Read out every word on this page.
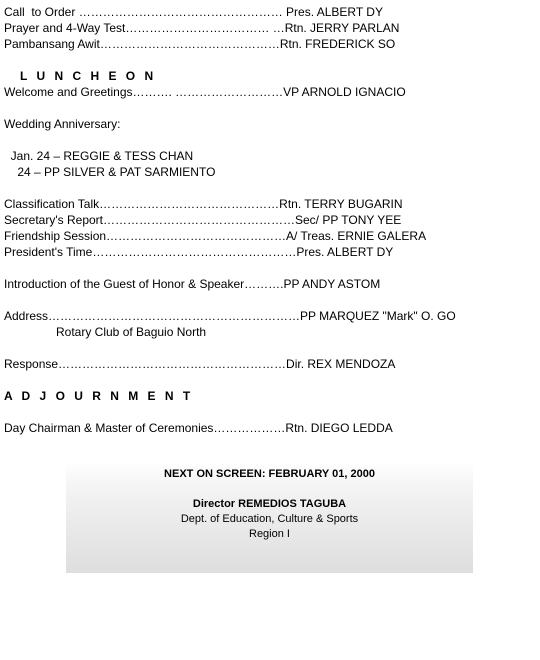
Call  to Order …………………………………………… Pres. ALBERT DY
Prayer and 4-Way Test……………………………… …Rtn. JERRY PARLAN
Pambansang Awit………………………………………Rtn. FREDERICK SO
L U N C H E O N
Welcome and Greetings………. ………………………VP ARNOLD IGNACIO
Wedding Anniversary:
Jan. 24 – REGGIE & TESS CHAN
24 – PP SILVER & PAT SARMIENTO
Classification Talk………………………………………Rtn. TERRY BUGARIN
Secretary's Report…………………………………………Sec/ PP TONY YEE
Friendship Session………………………………………A/ Treas. ERNIE GALERA
President's Time……………………………………………Pres. ALBERT DY
Introduction of the Guest of Honor & Speaker……….PP ANDY ASTOM
Address………………………………………………………PP MARQUEZ "Mark" O. GO
Rotary Club of Baguio North
Response…………………………………………………Dir. REX MENDOZA
A D J O U R N M E N T
Day Chairman & Master of Ceremonies………………Rtn. DIEGO LEDDA
NEXT ON SCREEN: FEBRUARY 01, 2000
Director REMEDIOS TAGUBA
Dept. of Education, Culture & Sports
Region I
